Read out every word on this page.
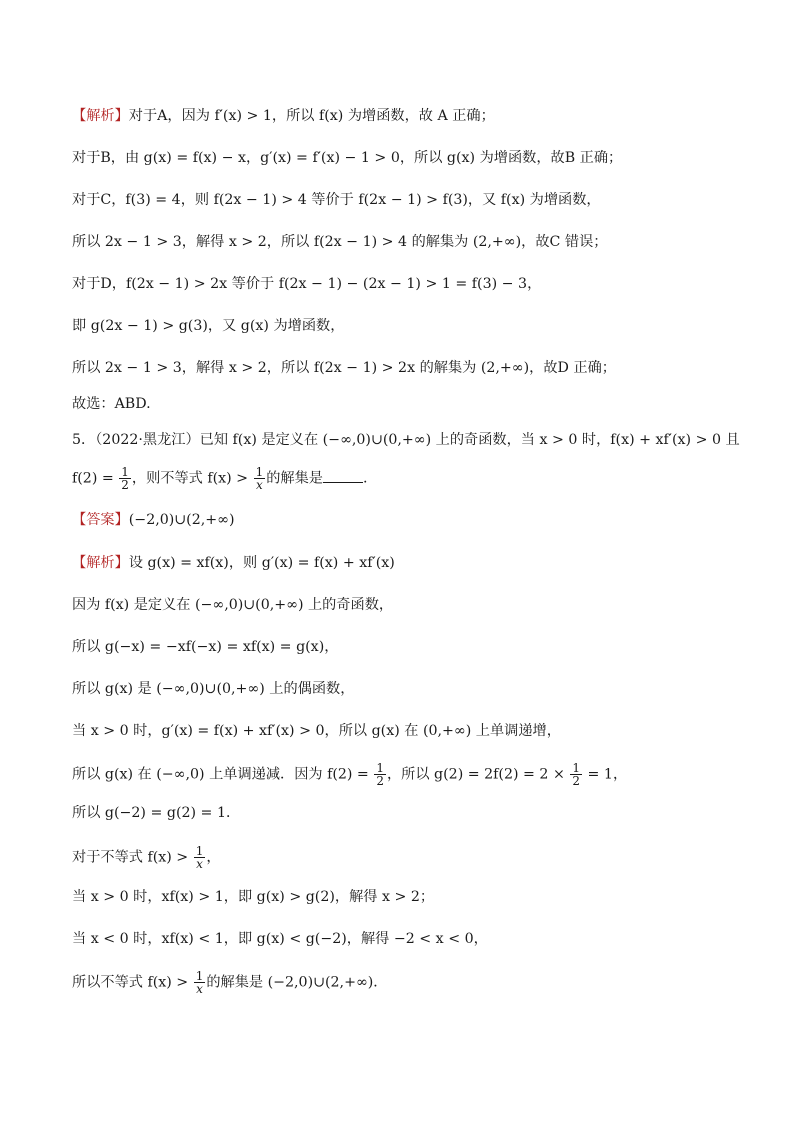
【解析】对于A，因为 f′(x) > 1，所以 f(x) 为增函数，故 A 正确；
对于B，由 g(x) = f(x) − x，g′(x) = f′(x) − 1 > 0，所以 g(x) 为增函数，故B 正确；
对于C，f(3) = 4，则 f(2x − 1) > 4 等价于 f(2x − 1) > f(3)，又 f(x) 为增函数，
所以 2x − 1 > 3，解得 x > 2，所以 f(2x − 1) > 4 的解集为 (2,+∞)，故C 错误；
对于D，f(2x − 1) > 2x 等价于 f(2x − 1) − (2x − 1) > 1 = f(3) − 3，
即 g(2x − 1) > g(3)，又 g(x) 为增函数，
所以 2x − 1 > 3，解得 x > 2，所以 f(2x − 1) > 2x 的解集为 (2,+∞)，故D 正确；
故选：ABD.
5．（2022·黑龙江）已知 f(x) 是定义在 (−∞,0)∪(0,+∞) 上的奇函数，当 x > 0 时，f(x) + xf′(x) > 0 且
$f(2) = \frac{1}{2}$ ，则不等式 $f(x) > \frac{1}{x}$ 的解集是	.
【答案】(−2,0)∪(2,+∞)
【解析】设 g(x) = xf(x)，则 g′(x) = f(x) + xf′(x)
因为 f(x) 是定义在 (−∞,0)∪(0,+∞) 上的奇函数，
所以 g(−x) = −xf(−x) = xf(x) = g(x)，
所以 g(x) 是 (−∞,0)∪(0,+∞) 上的偶函数，
当 x > 0 时，g′(x) = f(x) + xf′(x) > 0，所以 g(x) 在 (0,+∞) 上单调递增，
所以 g(x) 在 (−∞,0) 上单调递减．因为 $f(2) = \frac{1}{2}$ ，所以 $g(2) = 2f(2) = 2 \times \frac{1}{2} = 1$，
所以 g(−2) = g(2) = 1．
对于不等式 $f(x) > \frac{1}{x}$ ，
当 x > 0 时，xf(x) > 1，即 g(x) > g(2)，解得 x > 2；
当 x < 0 时，xf(x) < 1，即 g(x) < g(−2)，解得 −2 < x < 0，
所以不等式 $f(x) > \frac{1}{x}$ 的解集是 (−2,0)∪(2,+∞)．
